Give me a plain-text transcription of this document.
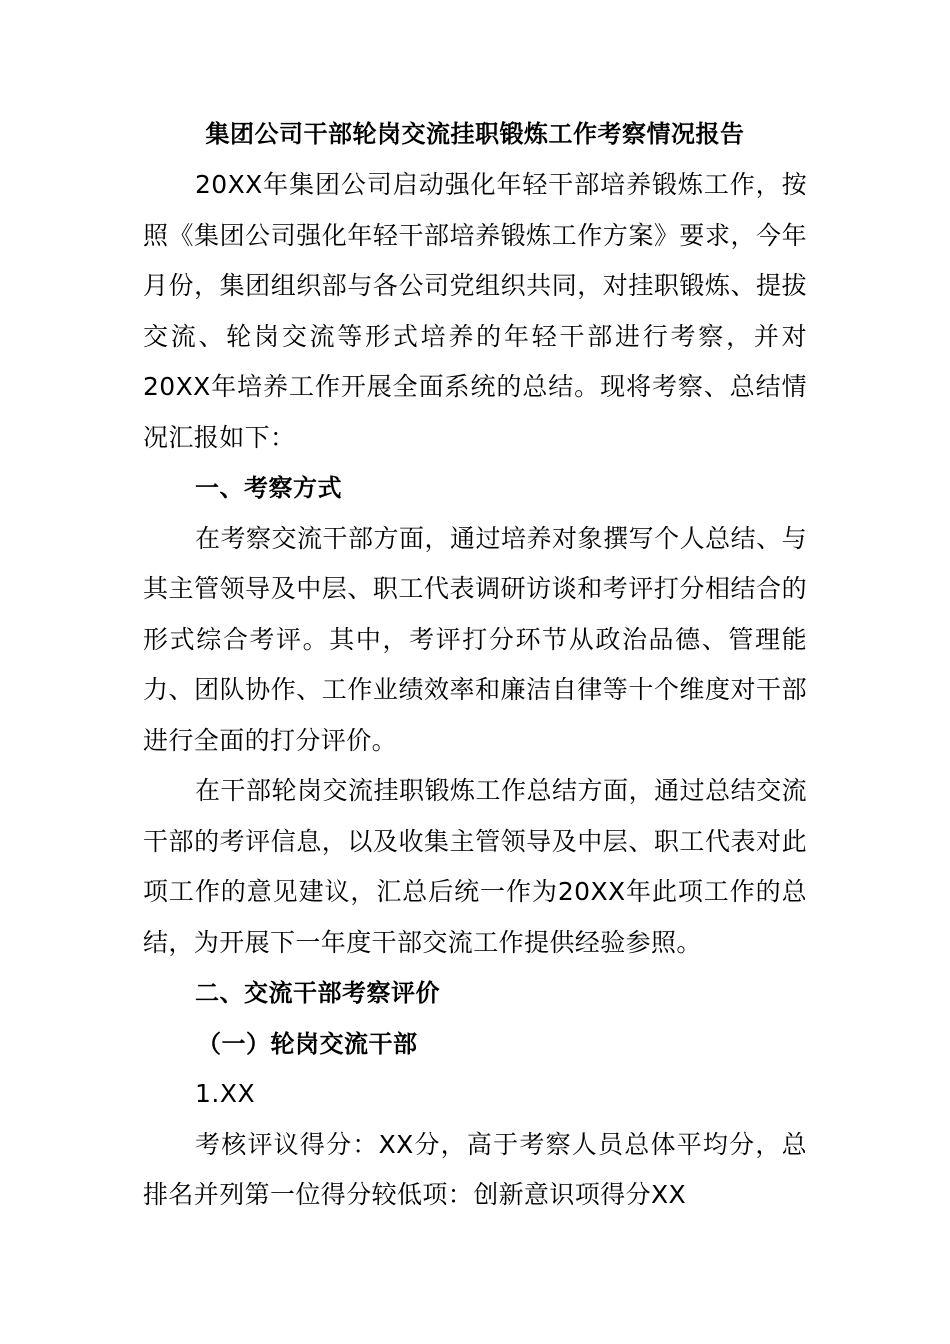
集团公司干部轮岗交流挂职锻炼工作考察情况报告

20XX年集团公司启动强化年轻干部培养锻炼工作，按照《集团公司强化年轻干部培养锻炼工作方案》要求，今年月份，集团组织部与各公司党组织共同，对挂职锻炼、提拔交流、轮岗交流等形式培养的年轻干部进行考察，并对20XX年培养工作开展全面系统的总结。现将考察、总结情况汇报如下：

一、考察方式

在考察交流干部方面，通过培养对象撰写个人总结、与其主管领导及中层、职工代表调研访谈和考评打分相结合的形式综合考评。其中，考评打分环节从政治品德、管理能力、团队协作、工作业绩效率和廉洁自律等十个维度对干部进行全面的打分评价。

在干部轮岗交流挂职锻炼工作总结方面，通过总结交流干部的考评信息，以及收集主管领导及中层、职工代表对此项工作的意见建议，汇总后统一作为20XX年此项工作的总结，为开展下一年度干部交流工作提供经验参照。

二、交流干部考察评价

（一）轮岗交流干部

1.XX

考核评议得分：XX分，高于考察人员总体平均分，总排名并列第一位得分较低项：创新意识项得分XX
